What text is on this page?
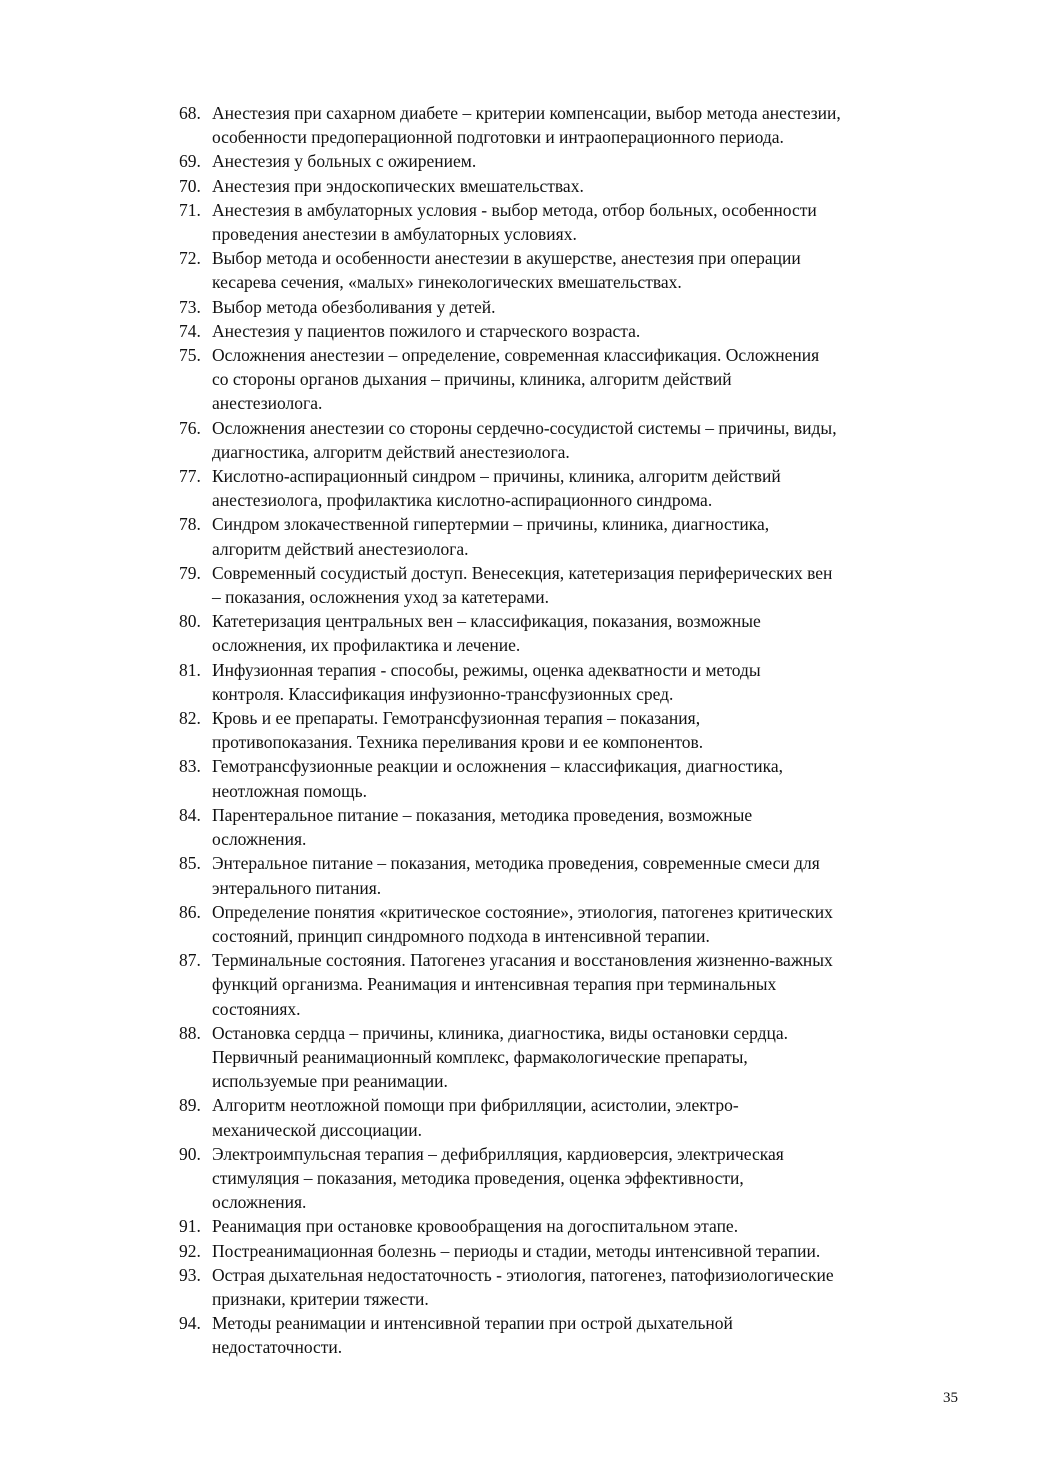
68. Анестезия при сахарном диабете – критерии компенсации, выбор метода анестезии,
особенности предоперационной подготовки и интраоперационного периода.
69. Анестезия у больных с ожирением.
70. Анестезия при эндоскопических вмешательствах.
71. Анестезия в амбулаторных условия - выбор метода, отбор больных, особенности
проведения анестезии в амбулаторных условиях.
72. Выбор метода и особенности анестезии в акушерстве, анестезия при операции
кесарева сечения, «малых» гинекологических вмешательствах.
73. Выбор метода обезболивания у детей.
74. Анестезия у пациентов пожилого и старческого возраста.
75. Осложнения анестезии – определение, современная классификация. Осложнения
со стороны органов дыхания – причины, клиника, алгоритм действий
анестезиолога.
76. Осложнения анестезии со стороны сердечно-сосудистой системы – причины, виды,
диагностика, алгоритм действий анестезиолога.
77. Кислотно-аспирационный синдром – причины, клиника, алгоритм действий
анестезиолога, профилактика кислотно-аспирационного синдрома.
78. Синдром злокачественной гипертермии – причины, клиника, диагностика,
алгоритм действий анестезиолога.
79. Современный сосудистый доступ. Венесекция, катетеризация периферических вен
– показания, осложнения уход за катетерами.
80. Катетеризация центральных вен – классификация, показания, возможные
осложнения, их профилактика и лечение.
81. Инфузионная терапия - способы, режимы, оценка адекватности и методы
контроля. Классификация инфузионно-трансфузионных сред.
82. Кровь и ее препараты. Гемотрансфузионная терапия – показания,
противопоказания. Техника переливания крови и ее компонентов.
83. Гемотрансфузионные реакции и осложнения – классификация, диагностика,
неотложная помощь.
84. Парентеральное питание – показания, методика проведения, возможные
осложнения.
85. Энтеральное питание – показания, методика проведения, современные смеси для
энтерального питания.
86. Определение понятия «критическое состояние», этиология, патогенез критических
состояний, принцип синдромного подхода в интенсивной терапии.
87. Терминальные состояния. Патогенез угасания и восстановления жизненно-важных
функций организма. Реанимация и интенсивная терапия при терминальных
состояниях.
88. Остановка сердца – причины, клиника, диагностика, виды остановки сердца.
Первичный реанимационный комплекс, фармакологические препараты,
используемые при реанимации.
89. Алгоритм неотложной помощи при фибрилляции, асистолии, электро-
механической диссоциации.
90. Электроимпульсная терапия – дефибрилляция, кардиоверсия, электрическая
стимуляция – показания, методика проведения, оценка эффективности,
осложнения.
91. Реанимация при остановке кровообращения на догоспитальном этапе.
92. Постреанимационная болезнь – периоды и стадии, методы интенсивной терапии.
93. Острая дыхательная недостаточность - этиология, патогенез, патофизиологические
признаки, критерии тяжести.
94. Методы реанимации и интенсивной терапии при острой дыхательной
недостаточности.
35
